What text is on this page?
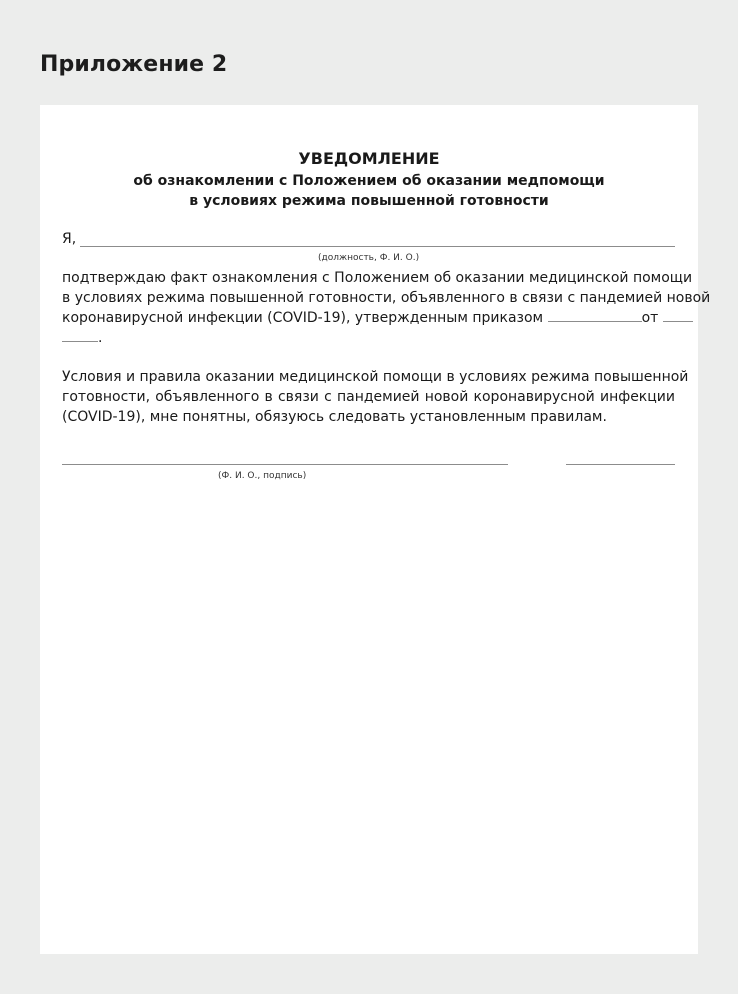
Приложение 2
УВЕДОМЛЕНИЕ
об ознакомлении с Положением об оказании медпомощи
в условиях режима повышенной готовности
Я,
(должность, Ф. И. О.)
подтверждаю факт ознакомления с Положением об оказании медицинской помощи
в условиях режима повышенной готовности, объявленного в связи с пандемией новой
коронавирусной инфекции (COVID-19), утвержденным приказом	от
.
Условия и правила оказании медицинской помощи в условиях режима повышенной
готовности, объявленного в связи с пандемией новой коронавирусной инфекции
(COVID-19), мне понятны, обязуюсь следовать установленным правилам.
(Ф. И. О., подпись)
